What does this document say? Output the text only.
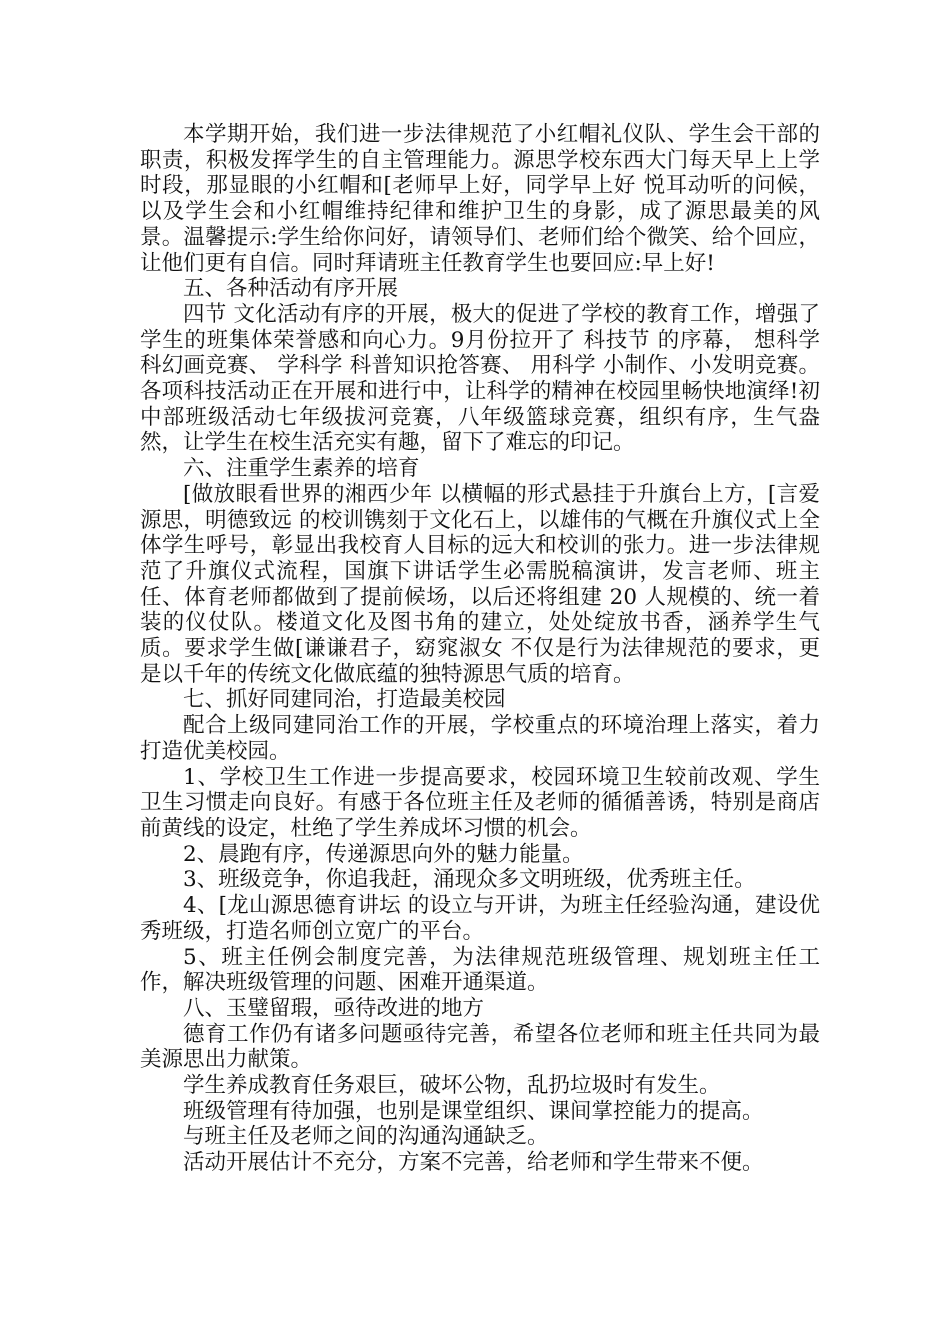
本学期开始，我们进一步法律规范了小红帽礼仪队、学生会干部的职责，积极发挥学生的自主管理能力。源思学校东西大门每天早上上学时段，那显眼的小红帽和[老师早上好，同学早上好 悦耳动听的问候，以及学生会和小红帽维持纪律和维护卫生的身影，成了源思最美的风景。温馨提示:学生给你问好，请领导们、老师们给个微笑、给个回应，让他们更有自信。同时拜请班主任教育学生也要回应:早上好!

五、各种活动有序开展

四节 文化活动有序的开展，极大的促进了学校的教育工作，增强了学生的班集体荣誉感和向心力。9月份拉开了 科技节 的序幕， 想科学 科幻画竞赛、 学科学 科普知识抢答赛、 用科学 小制作、小发明竞赛。各项科技活动正在开展和进行中，让科学的精神在校园里畅快地演绎!初中部班级活动七年级拔河竞赛，八年级篮球竞赛，组织有序，生气盎然，让学生在校生活充实有趣，留下了难忘的印记。

六、注重学生素养的培育

[做放眼看世界的湘西少年 以横幅的形式悬挂于升旗台上方，[言爱源思，明德致远 的校训镌刻于文化石上，以雄伟的气概在升旗仪式上全体学生呼号，彰显出我校育人目标的远大和校训的张力。进一步法律规范了升旗仪式流程，国旗下讲话学生必需脱稿演讲，发言老师、班主任、体育老师都做到了提前候场，以后还将组建 20 人规模的、统一着装的仪仗队。楼道文化及图书角的建立，处处绽放书香，涵养学生气质。要求学生做[谦谦君子，窈窕淑女 不仅是行为法律规范的要求，更是以千年的传统文化做底蕴的独特源思气质的培育。

七、抓好同建同治，打造最美校园

配合上级同建同治工作的开展，学校重点的环境治理上落实，着力打造优美校园。

1、学校卫生工作进一步提高要求，校园环境卫生较前改观、学生卫生习惯走向良好。有感于各位班主任及老师的循循善诱，特别是商店前黄线的设定，杜绝了学生养成坏习惯的机会。

2、晨跑有序，传递源思向外的魅力能量。

3、班级竞争，你追我赶，涌现众多文明班级，优秀班主任。

4、[龙山源思德育讲坛 的设立与开讲，为班主任经验沟通，建设优秀班级，打造名师创立宽广的平台。

5、班主任例会制度完善，为法律规范班级管理、规划班主任工作，解决班级管理的问题、困难开通渠道。

八、玉璧留瑕，亟待改进的地方

德育工作仍有诸多问题亟待完善，希望各位老师和班主任共同为最美源思出力献策。

学生养成教育任务艰巨，破坏公物，乱扔垃圾时有发生。

班级管理有待加强，也别是课堂组织、课间掌控能力的提高。

与班主任及老师之间的沟通沟通缺乏。

活动开展估计不充分，方案不完善，给老师和学生带来不便。
